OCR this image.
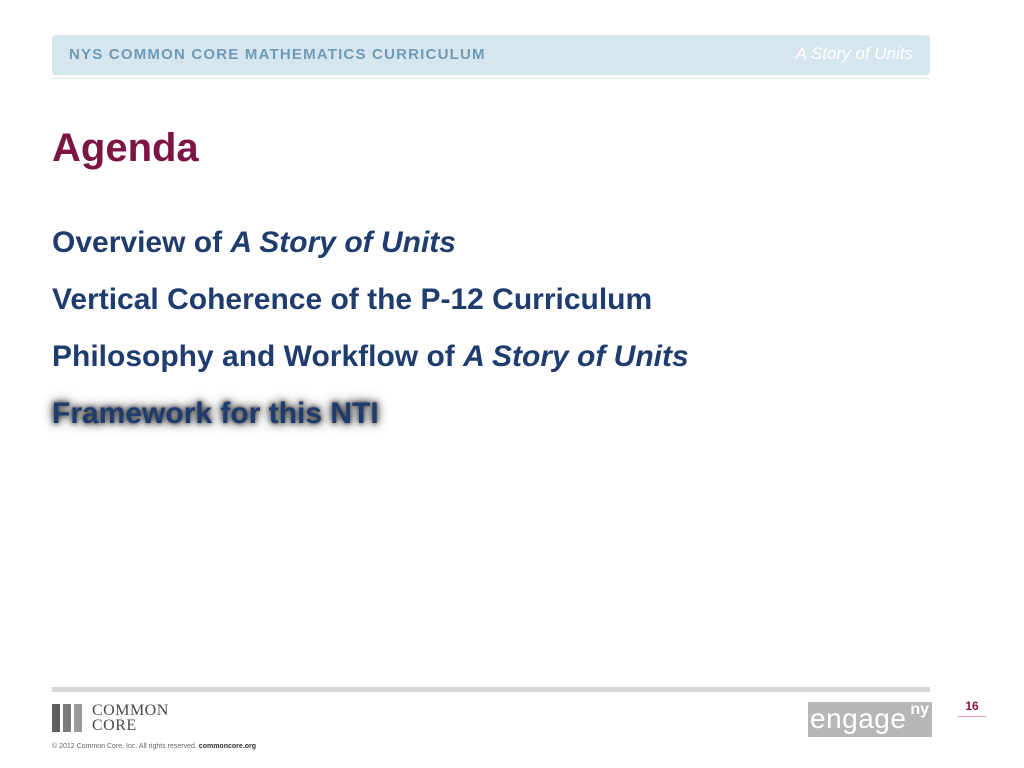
NYS COMMON CORE MATHEMATICS CURRICULUM	A Story of Units
Agenda
Overview of A Story of Units
Vertical Coherence of the P-12 Curriculum
Philosophy and Workflow of A Story of Units
Framework for this NTI
COMMON
CORE
© 2012 Common Core, Inc. All rights reserved. commoncore.org
engage ny	16
